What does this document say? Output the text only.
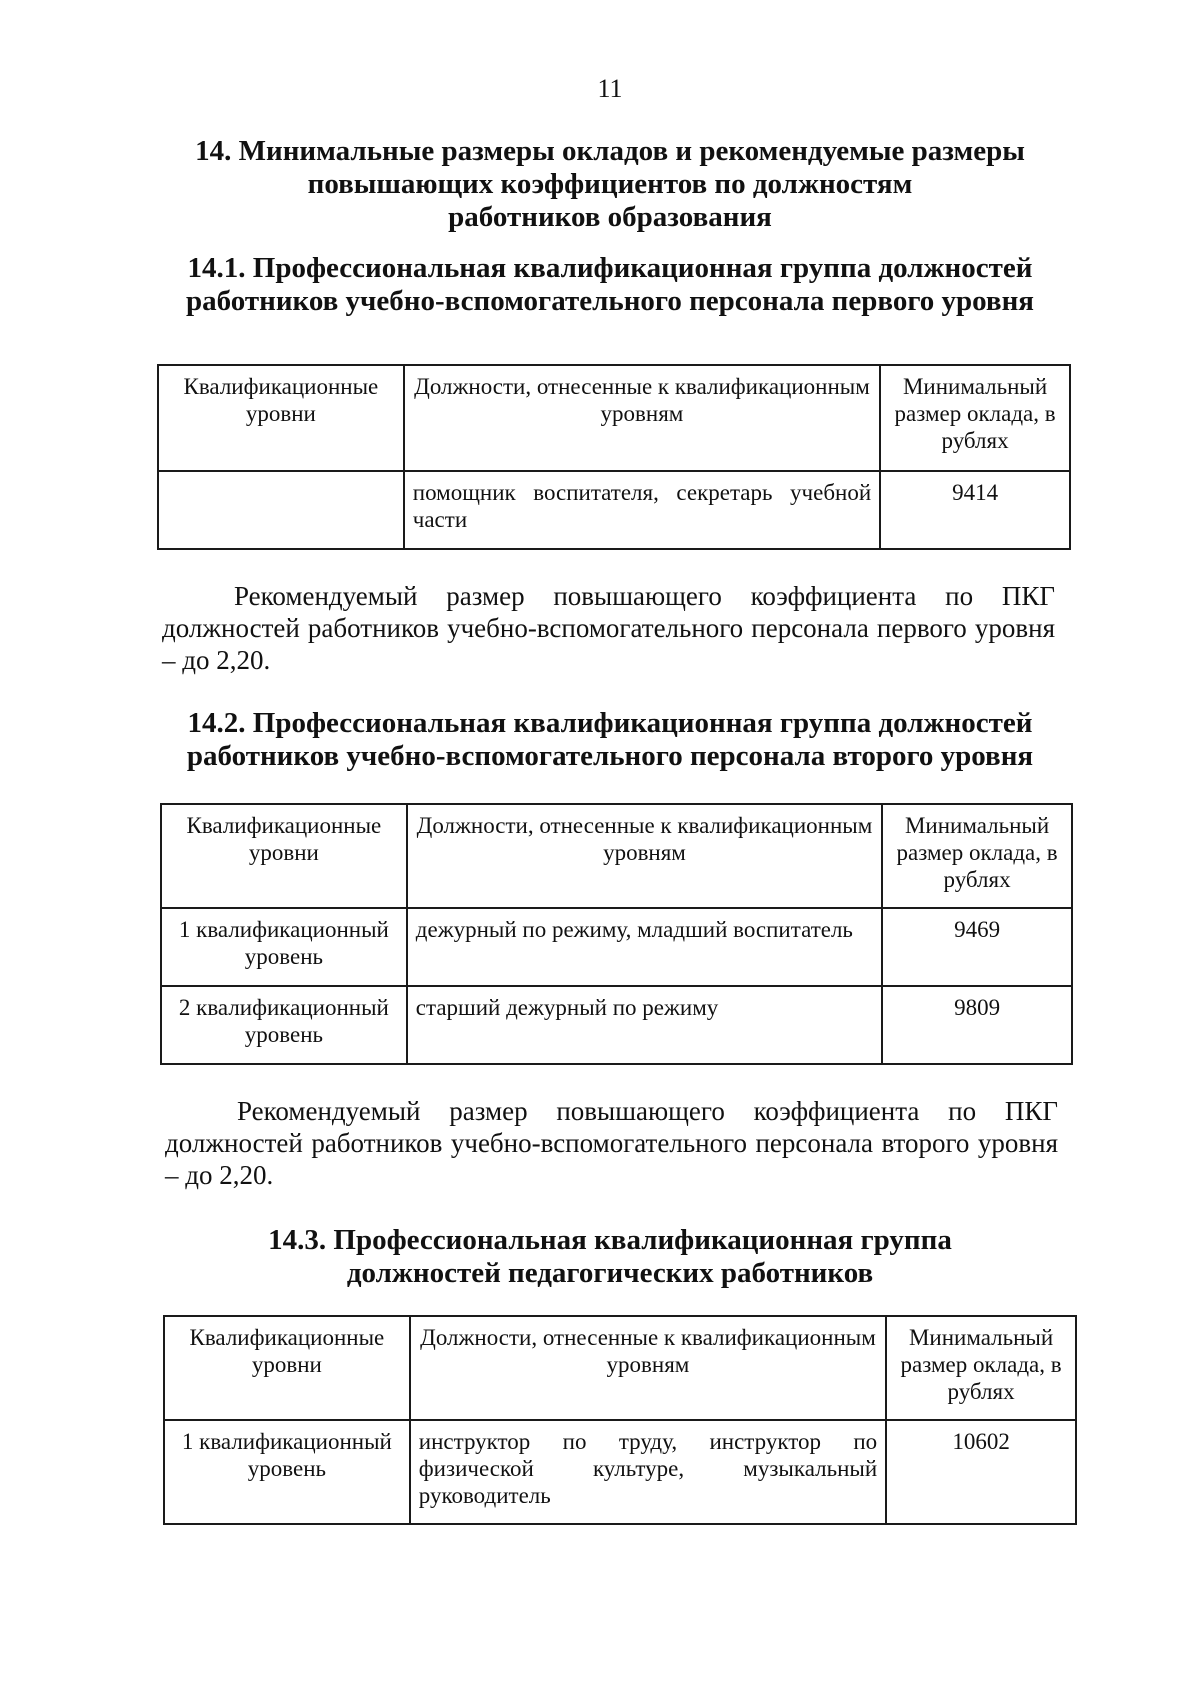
11
14. Минимальные размеры окладов и рекомендуемые размеры
повышающих коэффициентов по должностям
работников образования
14.1. Профессиональная квалификационная группа должностей
работников учебно-вспомогательного персонала первого уровня
Квалификационные уровни	Должности, отнесенные к квалификационным уровням	Минимальный размер оклада, в рублях
	помощник воспитателя, секретарь учебной части	9414
Рекомендуемый размер повышающего коэффициента по ПКГ должностей работников учебно-вспомогательного персонала первого уровня – до 2,20.
14.2. Профессиональная квалификационная группа должностей
работников учебно-вспомогательного персонала второго уровня
Квалификационные уровни	Должности, отнесенные к квалификационным уровням	Минимальный размер оклада, в рублях
1 квалификационный уровень	дежурный по режиму, младший воспитатель	9469
2 квалификационный уровень	старший дежурный по режиму	9809
Рекомендуемый размер повышающего коэффициента по ПКГ должностей работников учебно-вспомогательного персонала второго уровня – до 2,20.
14.3. Профессиональная квалификационная группа
должностей педагогических работников
Квалификационные уровни	Должности, отнесенные к квалификационным уровням	Минимальный размер оклада, в рублях
1 квалификационный уровень	инструктор по труду, инструктор по физической культуре, музыкальный руководитель	10602
